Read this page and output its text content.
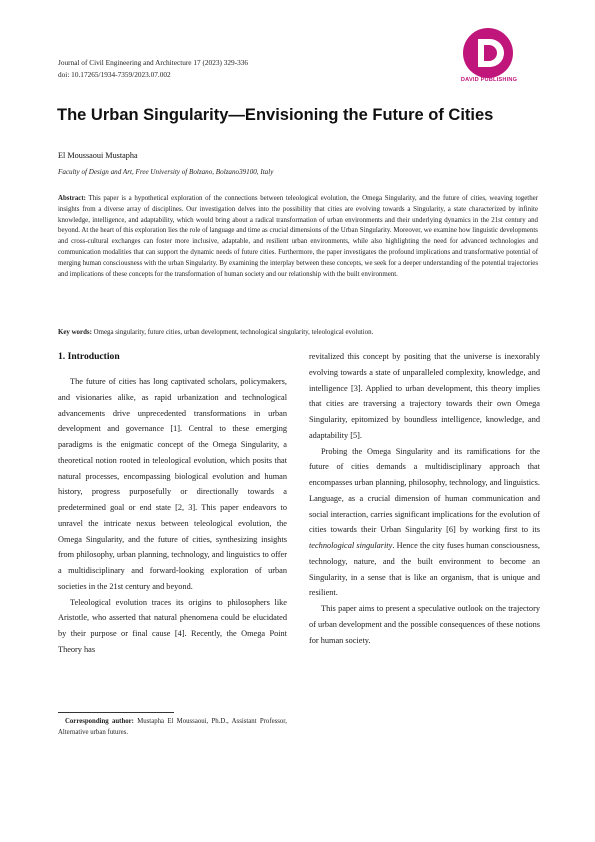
Journal of Civil Engineering and Architecture 17 (2023) 329-336
doi: 10.17265/1934-7359/2023.07.002
DAVID PUBLISHING
The Urban Singularity—Envisioning the Future of Cities
El Moussaoui Mustapha
Faculty of Design and Art, Free University of Bolzano, Bolzano39100, Italy

Abstract: This paper is a hypothetical exploration of the connections between teleological evolution, the Omega Singularity, and the future of cities, weaving together insights from a diverse array of disciplines. Our investigation delves into the possibility that cities are evolving towards a Singularity, a state characterized by infinite knowledge, intelligence, and adaptability, which would bring about a radical transformation of urban environments and their underlying dynamics in the 21st century and beyond. At the heart of this exploration lies the role of language and time as crucial dimensions of the Urban Singularity. Moreover, we examine how linguistic developments and cross-cultural exchanges can foster more inclusive, adaptable, and resilient urban environments, while also highlighting the need for advanced technologies and communication modalities that can support the dynamic needs of future cities. Furthermore, the paper investigates the profound implications and transformative potential of merging human consciousness with the urban Singularity. By examining the interplay between these concepts, we seek for a deeper understanding of the potential trajectories and implications of these concepts for the transformation of human society and our relationship with the built environment.

Key words: Omega singularity, future cities, urban development, technological singularity, teleological evolution.

1. Introduction

The future of cities has long captivated scholars, policymakers, and visionaries alike, as rapid urbanization and technological advancements drive unprecedented transformations in urban development and governance [1]. Central to these emerging paradigms is the enigmatic concept of the Omega Singularity, a theoretical notion rooted in teleological evolution, which posits that natural processes, encompassing biological evolution and human history, progress purposefully or directionally towards a predetermined goal or end state [2, 3]. This paper endeavors to unravel the intricate nexus between teleological evolution, the Omega Singularity, and the future of cities, synthesizing insights from philosophy, urban planning, technology, and linguistics to offer a multidisciplinary and forward-looking exploration of urban societies in the 21st century and beyond.

Teleological evolution traces its origins to philosophers like Aristotle, who asserted that natural phenomena could be elucidated by their purpose or final cause [4]. Recently, the Omega Point Theory has

revitalized this concept by positing that the universe is inexorably evolving towards a state of unparalleled complexity, knowledge, and intelligence [3]. Applied to urban development, this theory implies that cities are traversing a trajectory towards their own Omega Singularity, epitomized by boundless intelligence, knowledge, and adaptability [5].

Probing the Omega Singularity and its ramifications for the future of cities demands a multidisciplinary approach that encompasses urban planning, philosophy, technology, and linguistics. Language, as a crucial dimension of human communication and social interaction, carries significant implications for the evolution of cities towards their Urban Singularity [6] by working first to its technological singularity. Hence the city fuses human consciousness, technology, nature, and the built environment to become an Singularity, in a sense that is like an organism, that is unique and resilient.

This paper aims to present a speculative outlook on the trajectory of urban development and the possible consequences of these notions for human society.

Corresponding author: Mustapha El Moussaoui, Ph.D., Assistant Professor, Alternative urban futures.
